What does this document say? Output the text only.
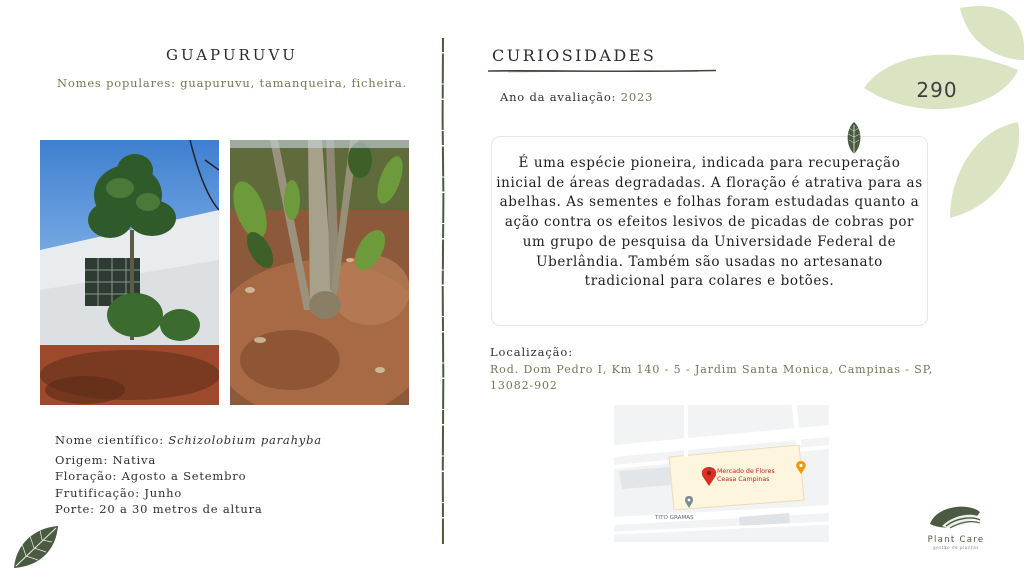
GUAPURUVU
Nomes populares: guapuruvu, tamanqueira, ficheira.
Nome científico: Schizolobium parahyba
Origem: Nativa
Floração: Agosto a Setembro
Frutificação: Junho
Porte: 20 a 30 metros de altura
CURIOSIDADES
Ano da avaliação: 2023
É uma espécie pioneira, indicada para recuperação inicial de áreas degradadas. A floração é atrativa para as abelhas. As sementes e folhas foram estudadas quanto a ação contra os efeitos lesivos de picadas de cobras por um grupo de pesquisa da Universidade Federal de Uberlândia. Também são usadas no artesanato tradicional para colares e botões.
Localização:
Rod. Dom Pedro I, Km 140 - 5 - Jardim Santa Monica, Campinas - SP, 13082-902
Mercado de Flores
Ceasa Campinas
TITO GRAMAS
290
Plant Care
gestão de plantas
